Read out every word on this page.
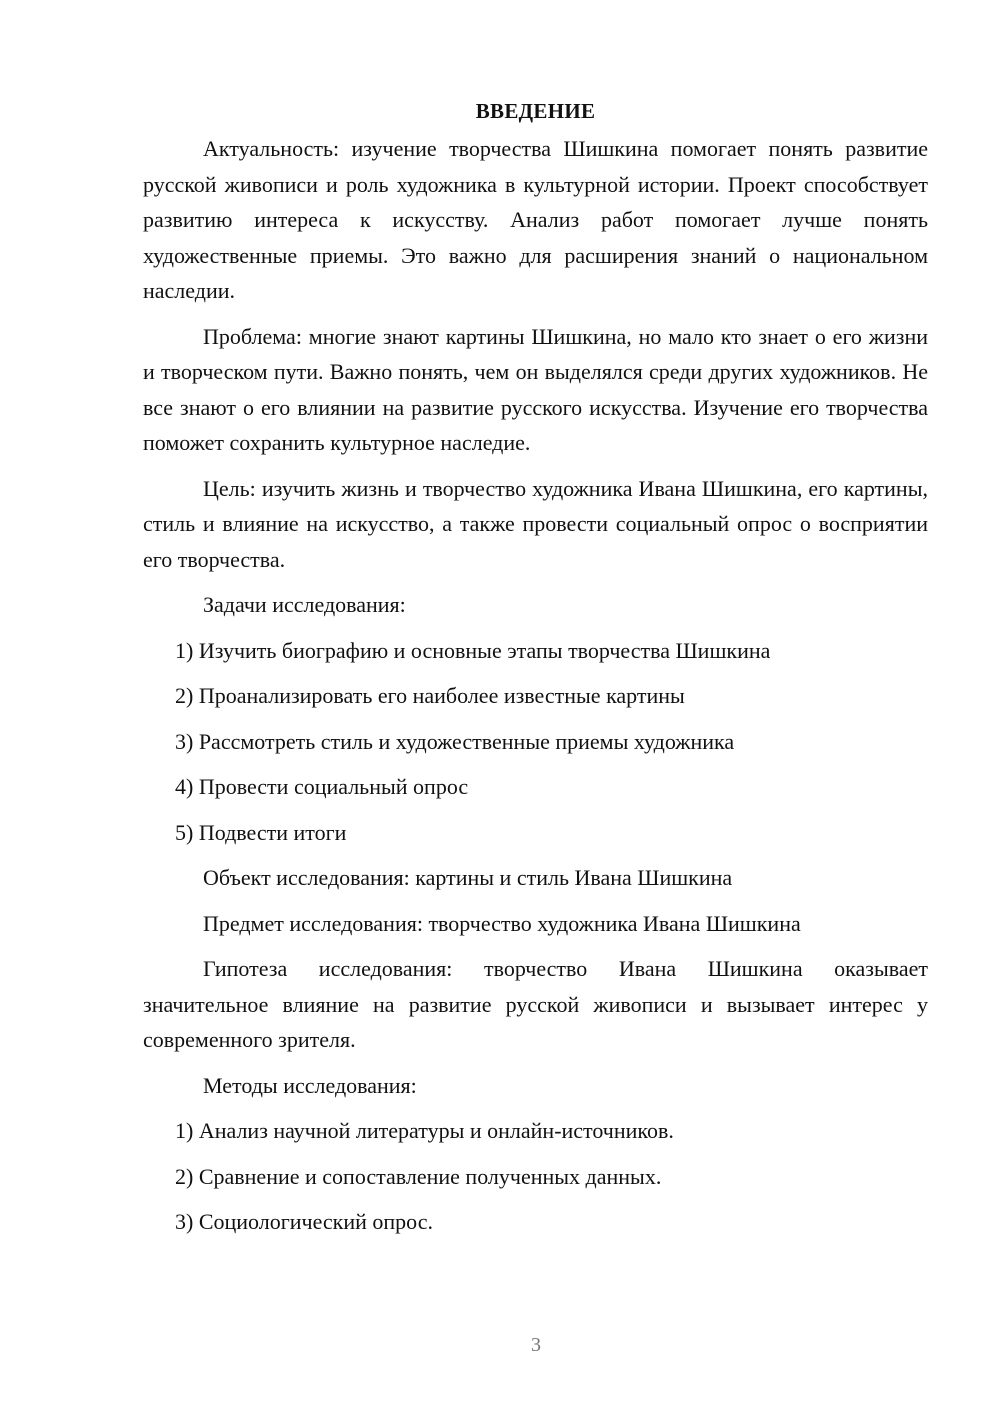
ВВЕДЕНИЕ

Актуальность: изучение творчества Шишкина помогает понять развитие русской живописи и роль художника в культурной истории. Проект способствует развитию интереса к искусству. Анализ работ помогает лучше понять художественные приемы. Это важно для расширения знаний о национальном наследии.

Проблема: многие знают картины Шишкина, но мало кто знает о его жизни и творческом пути. Важно понять, чем он выделялся среди других художников. Не все знают о его влиянии на развитие русского искусства. Изучение его творчества поможет сохранить культурное наследие.

Цель: изучить жизнь и творчество художника Ивана Шишкина, его картины, стиль и влияние на искусство, а также провести социальный опрос о восприятии его творчества.

Задачи исследования:

1) Изучить биографию и основные этапы творчества Шишкина

2) Проанализировать его наиболее известные картины

3) Рассмотреть стиль и художественные приемы художника

4) Провести социальный опрос

5) Подвести итоги

Объект исследования: картины и стиль Ивана Шишкина

Предмет исследования: творчество художника Ивана Шишкина

Гипотеза исследования: творчество Ивана Шишкина оказывает значительное влияние на развитие русской живописи и вызывает интерес у современного зрителя.

Методы исследования:

1) Анализ научной литературы и онлайн-источников.

2) Сравнение и сопоставление полученных данных.

3) Социологический опрос.

3
